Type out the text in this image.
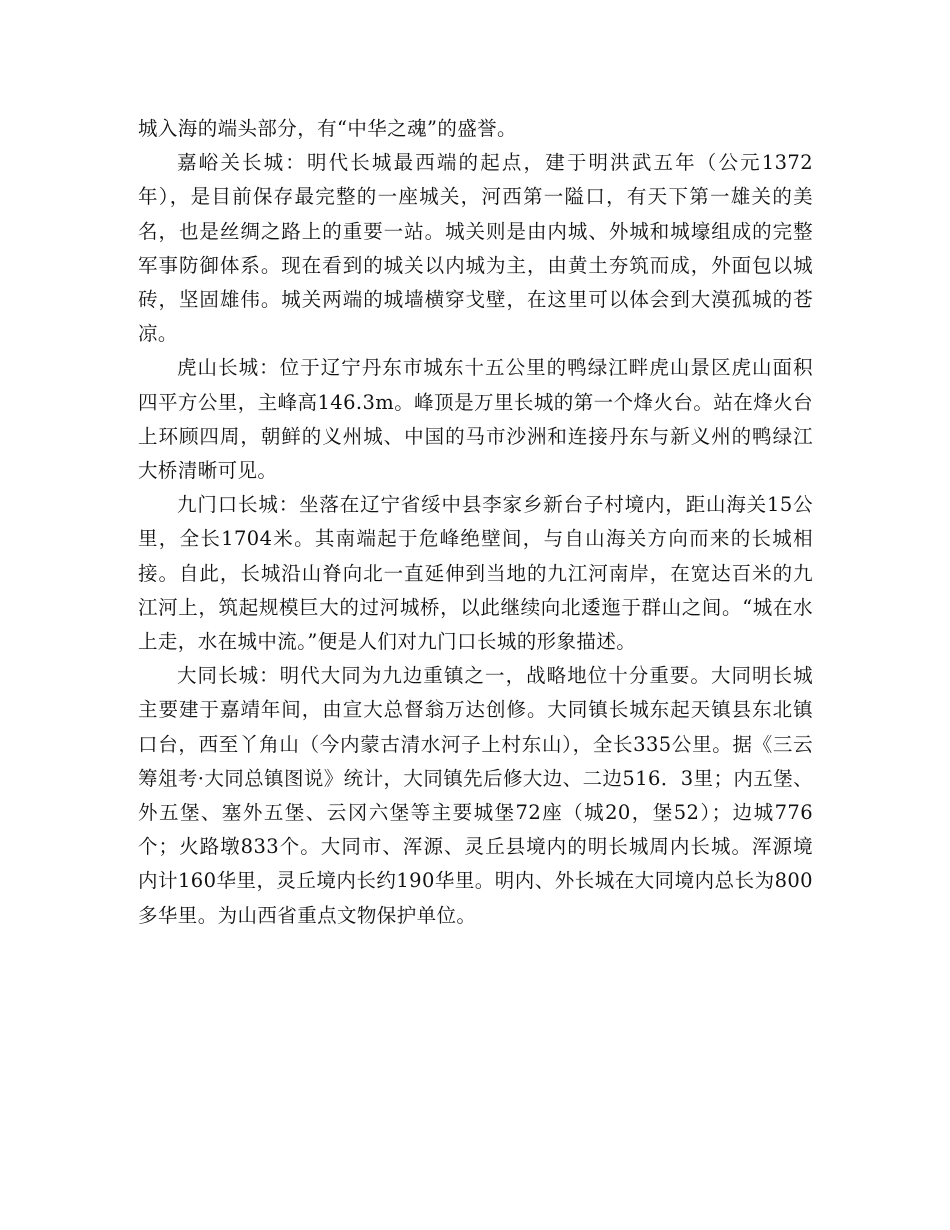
城入海的端头部分，有“中华之魂”的盛誉。

嘉峪关长城：明代长城最西端的起点，建于明洪武五年（公元1372年），是目前保存最完整的一座城关，河西第一隘口，有天下第一雄关的美名，也是丝绸之路上的重要一站。城关则是由内城、外城和城壕组成的完整军事防御体系。现在看到的城关以内城为主，由黄土夯筑而成，外面包以城砖，坚固雄伟。城关两端的城墙横穿戈壁，在这里可以体会到大漠孤城的苍凉。

虎山长城：位于辽宁丹东市城东十五公里的鸭绿江畔虎山景区虎山面积四平方公里，主峰高146.3m。峰顶是万里长城的第一个烽火台。站在烽火台上环顾四周，朝鲜的义州城、中国的马市沙洲和连接丹东与新义州的鸭绿江大桥清晰可见。

九门口长城：坐落在辽宁省绥中县李家乡新台子村境内，距山海关15公里，全长1704米。其南端起于危峰绝壁间，与自山海关方向而来的长城相接。自此，长城沿山脊向北一直延伸到当地的九江河南岸，在宽达百米的九江河上，筑起规模巨大的过河城桥，以此继续向北逶迤于群山之间。“城在水上走，水在城中流。”便是人们对九门口长城的形象描述。

大同长城：明代大同为九边重镇之一，战略地位十分重要。大同明长城主要建于嘉靖年间，由宣大总督翁万达创修。大同镇长城东起天镇县东北镇口台，西至丫角山（今内蒙古清水河子上村东山），全长335公里。据《三云筹俎考·大同总镇图说》统计，大同镇先后修大边、二边516．3里；内五堡、外五堡、塞外五堡、云冈六堡等主要城堡72座（城20，堡52）；边城776个；火路墩833个。大同市、浑源、灵丘县境内的明长城周内长城。浑源境内计160华里，灵丘境内长约190华里。明内、外长城在大同境内总长为800多华里。为山西省重点文物保护单位。
